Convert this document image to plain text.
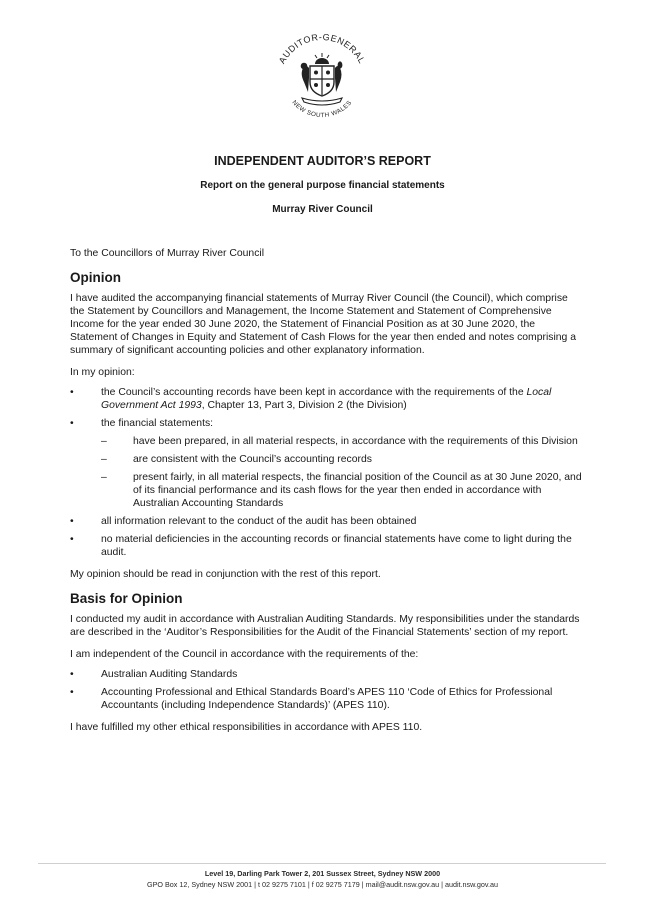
AUDITOR-GENERAL
NEW SOUTH WALES
INDEPENDENT AUDITOR’S REPORT
Report on the general purpose financial statements
Murray River Council

To the Councillors of Murray River Council

Opinion

I have audited the accompanying financial statements of Murray River Council (the Council), which comprise the Statement by Councillors and Management, the Income Statement and Statement of Comprehensive Income for the year ended 30 June 2020, the Statement of Financial Position as at 30 June 2020, the Statement of Changes in Equity and Statement of Cash Flows for the year then ended and notes comprising a summary of significant accounting policies and other explanatory information.

In my opinion:

•	the Council’s accounting records have been kept in accordance with the requirements of the Local Government Act 1993, Chapter 13, Part 3, Division 2 (the Division)
•	the financial statements:
–	have been prepared, in all material respects, in accordance with the requirements of this Division
–	are consistent with the Council’s accounting records
–	present fairly, in all material respects, the financial position of the Council as at 30 June 2020, and of its financial performance and its cash flows for the year then ended in accordance with Australian Accounting Standards
•	all information relevant to the conduct of the audit has been obtained
•	no material deficiencies in the accounting records or financial statements have come to light during the audit.

My opinion should be read in conjunction with the rest of this report.

Basis for Opinion

I conducted my audit in accordance with Australian Auditing Standards. My responsibilities under the standards are described in the ‘Auditor’s Responsibilities for the Audit of the Financial Statements’ section of my report.

I am independent of the Council in accordance with the requirements of the:

•	Australian Auditing Standards
•	Accounting Professional and Ethical Standards Board’s APES 110 ‘Code of Ethics for Professional Accountants (including Independence Standards)’ (APES 110).

I have fulfilled my other ethical responsibilities in accordance with APES 110.

Level 19, Darling Park Tower 2, 201 Sussex Street, Sydney NSW 2000
GPO Box 12, Sydney NSW 2001 | t 02 9275 7101 | f 02 9275 7179 | mail@audit.nsw.gov.au | audit.nsw.gov.au
